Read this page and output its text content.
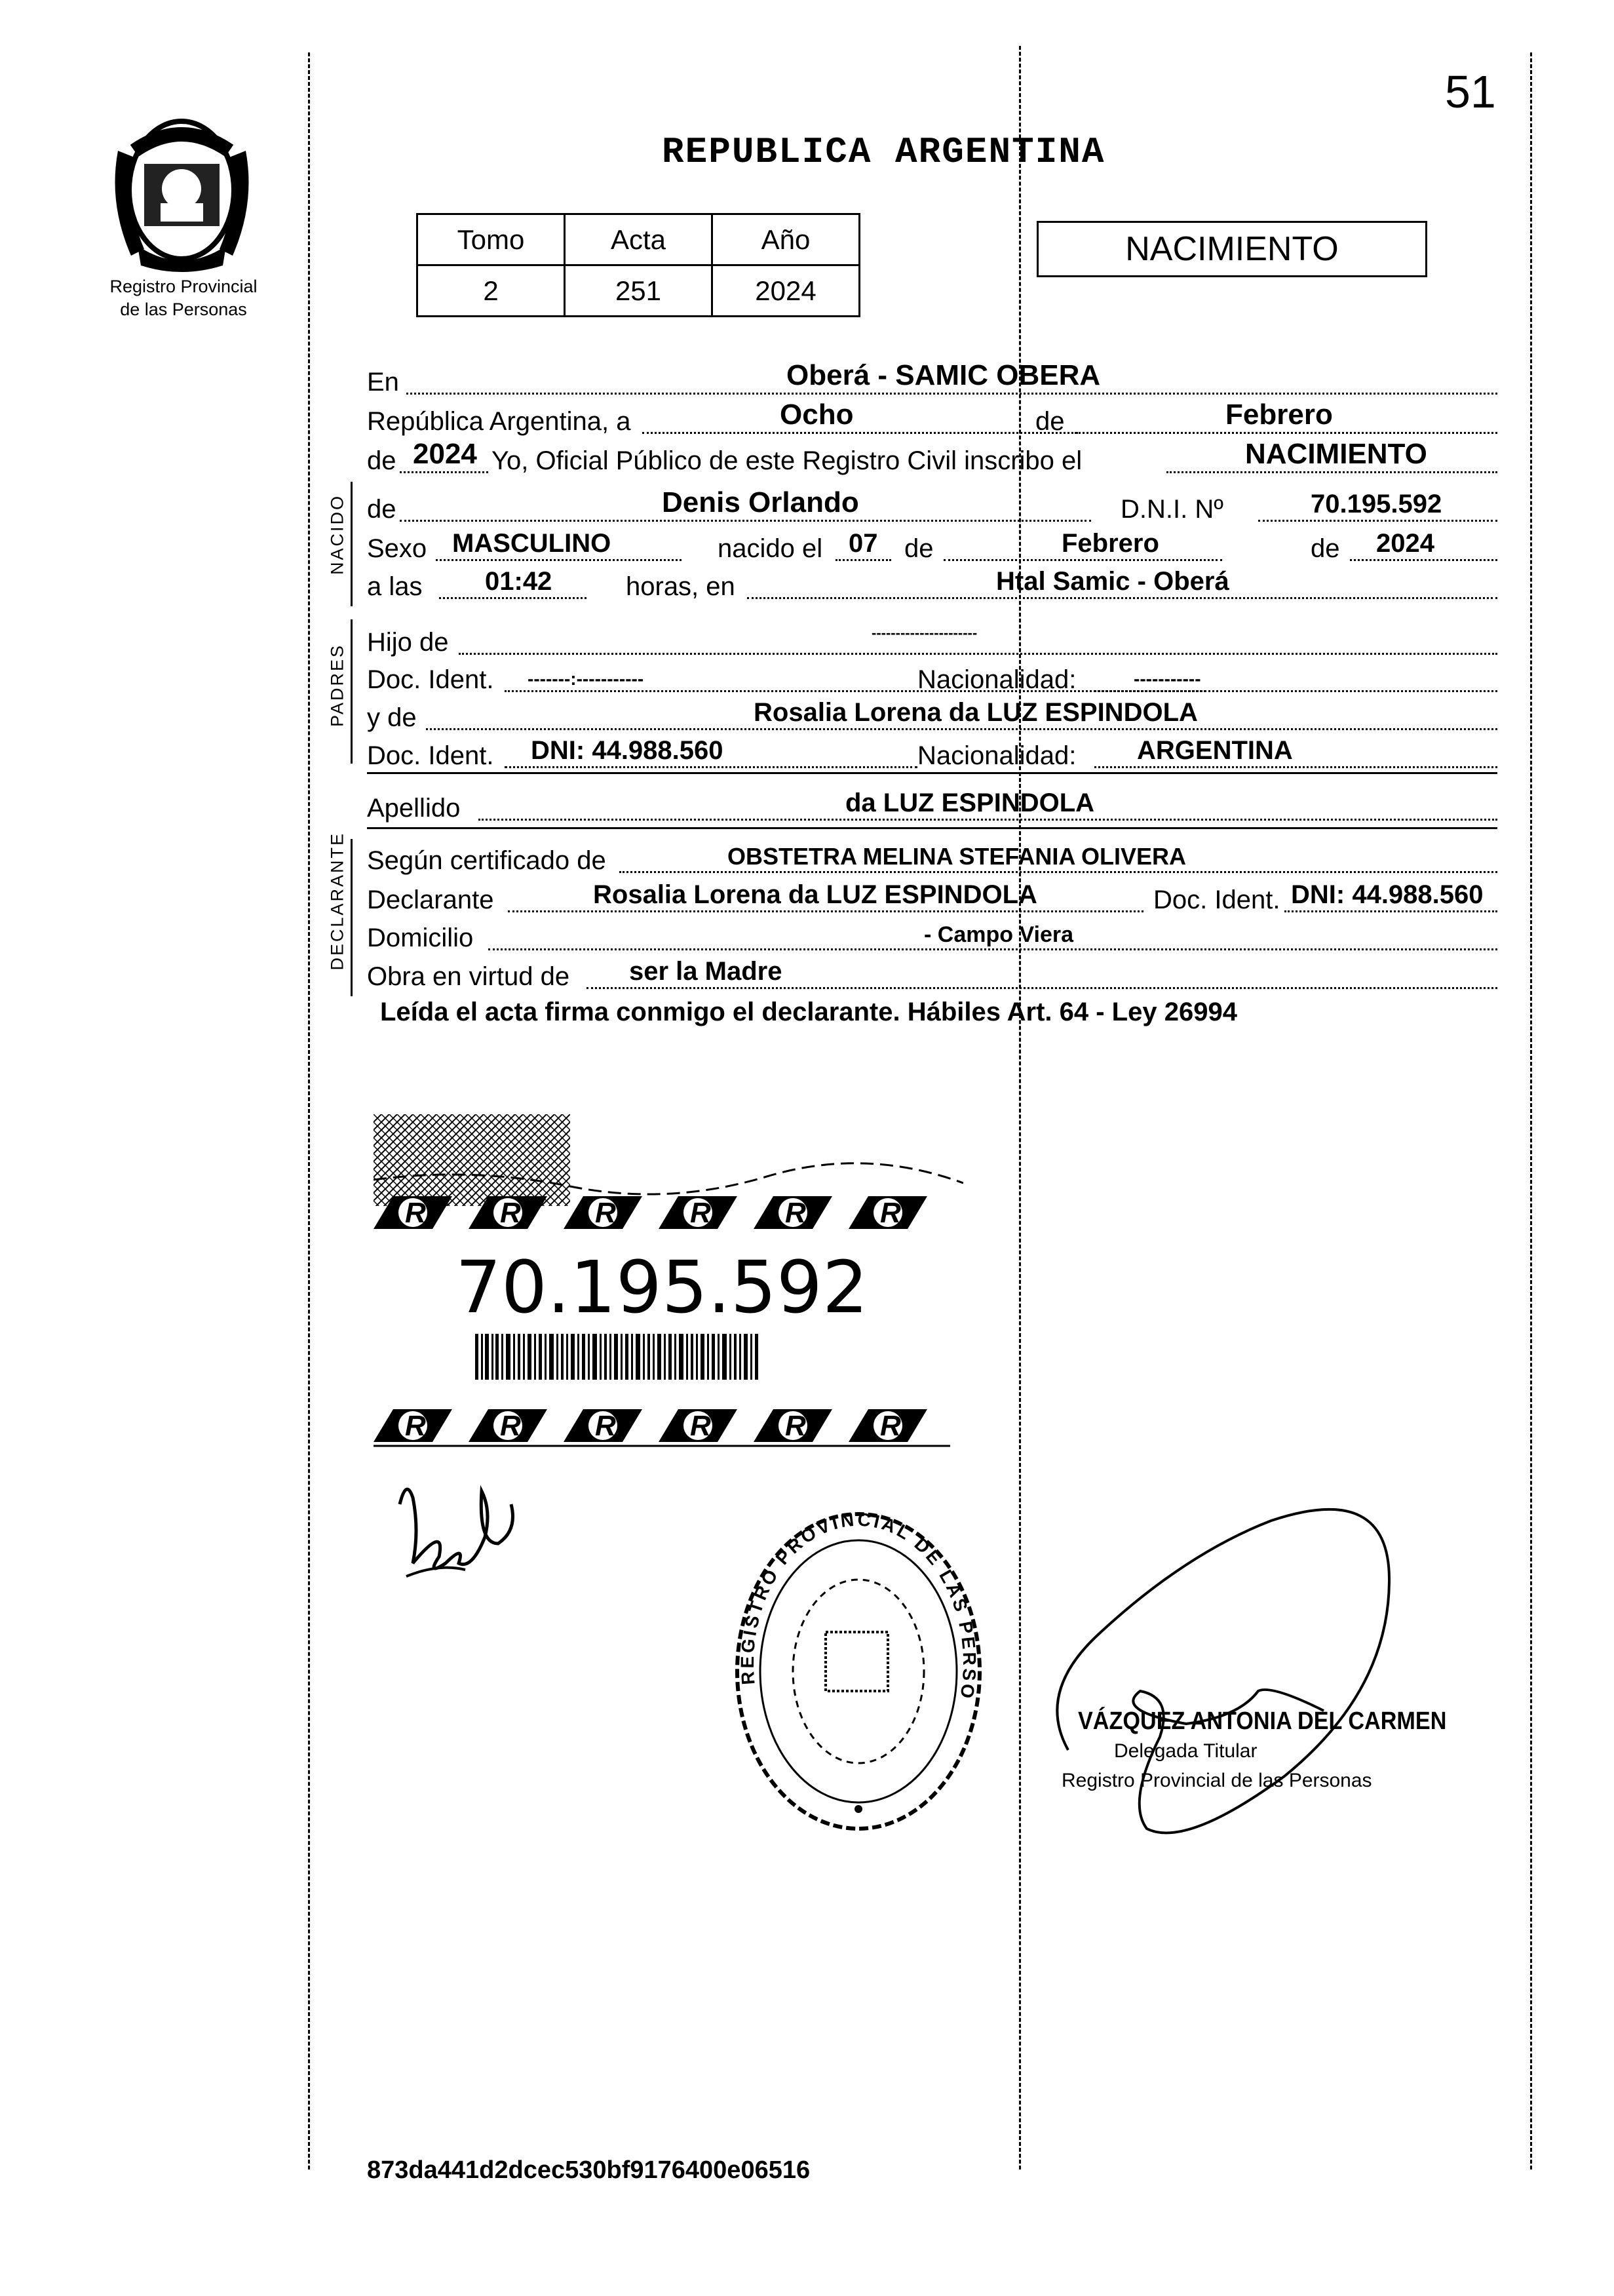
51
Registro Provincial
de las Personas
REPUBLICA ARGENTINA
Tomo	Acta	Año
2	251	2024
NACIMIENTO
En	Oberá - SAMIC OBERA
República Argentina, a	Ocho	de	Febrero
de 2024 Yo, Oficial Público de este Registro Civil inscribo el	NACIMIENTO
de	Denis Orlando	D.N.I. Nº	70.195.592
Sexo MASCULINO	nacido el 07 de	Febrero	de 2024
a las 01:42	horas, en	Htal Samic - Oberá
Hijo de	----------------------
Doc. Ident. -------:-----------	Nacionalidad:	-----------
y de	Rosalia Lorena da LUZ ESPINDOLA
Doc. Ident. DNI: 44.988.560	Nacionalidad: ARGENTINA
Apellido	da LUZ ESPINDOLA
Según certificado de	OBSTETRA MELINA STEFANIA OLIVERA
Declarante	Rosalia Lorena da LUZ ESPINDOLA	Doc. Ident. DNI: 44.988.560
Domicilio	- Campo Viera
Obra en virtud de ser la Madre
NACIDO
PADRES
DECLARANTE
Leída el acta firma conmigo el declarante. Hábiles Art. 64 - Ley 26994
R	R	R	R	R	R
70.195.592
R	R	R	R	R	R
REGISTRO PROVINCIAL DE LAS PERSO
VÁZQUEZ ANTONIA DEL CARMEN
Delegada Titular
Registro Provincial de las Personas
873da441d2dcec530bf9176400e06516
